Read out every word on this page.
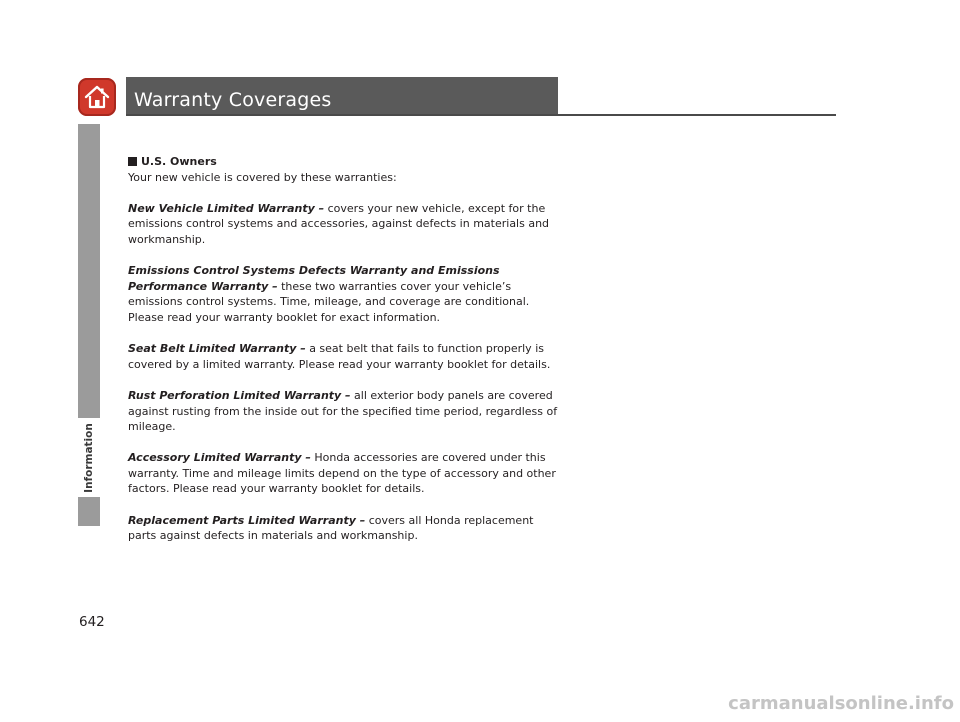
Warranty Coverages
Information
642
U.S. Owners
Your new vehicle is covered by these warranties:
New Vehicle Limited Warranty – covers your new vehicle, except for the emissions control systems and accessories, against defects in materials and workmanship.
Emissions Control Systems Defects Warranty and Emissions Performance Warranty – these two warranties cover your vehicle’s emissions control systems. Time, mileage, and coverage are conditional. Please read your warranty booklet for exact information.
Seat Belt Limited Warranty – a seat belt that fails to function properly is covered by a limited warranty. Please read your warranty booklet for details.
Rust Perforation Limited Warranty – all exterior body panels are covered against rusting from the inside out for the specified time period, regardless of mileage.
Accessory Limited Warranty – Honda accessories are covered under this warranty. Time and mileage limits depend on the type of accessory and other factors. Please read your warranty booklet for details.
Replacement Parts Limited Warranty – covers all Honda replacement parts against defects in materials and workmanship.
carmanualsonline.info
